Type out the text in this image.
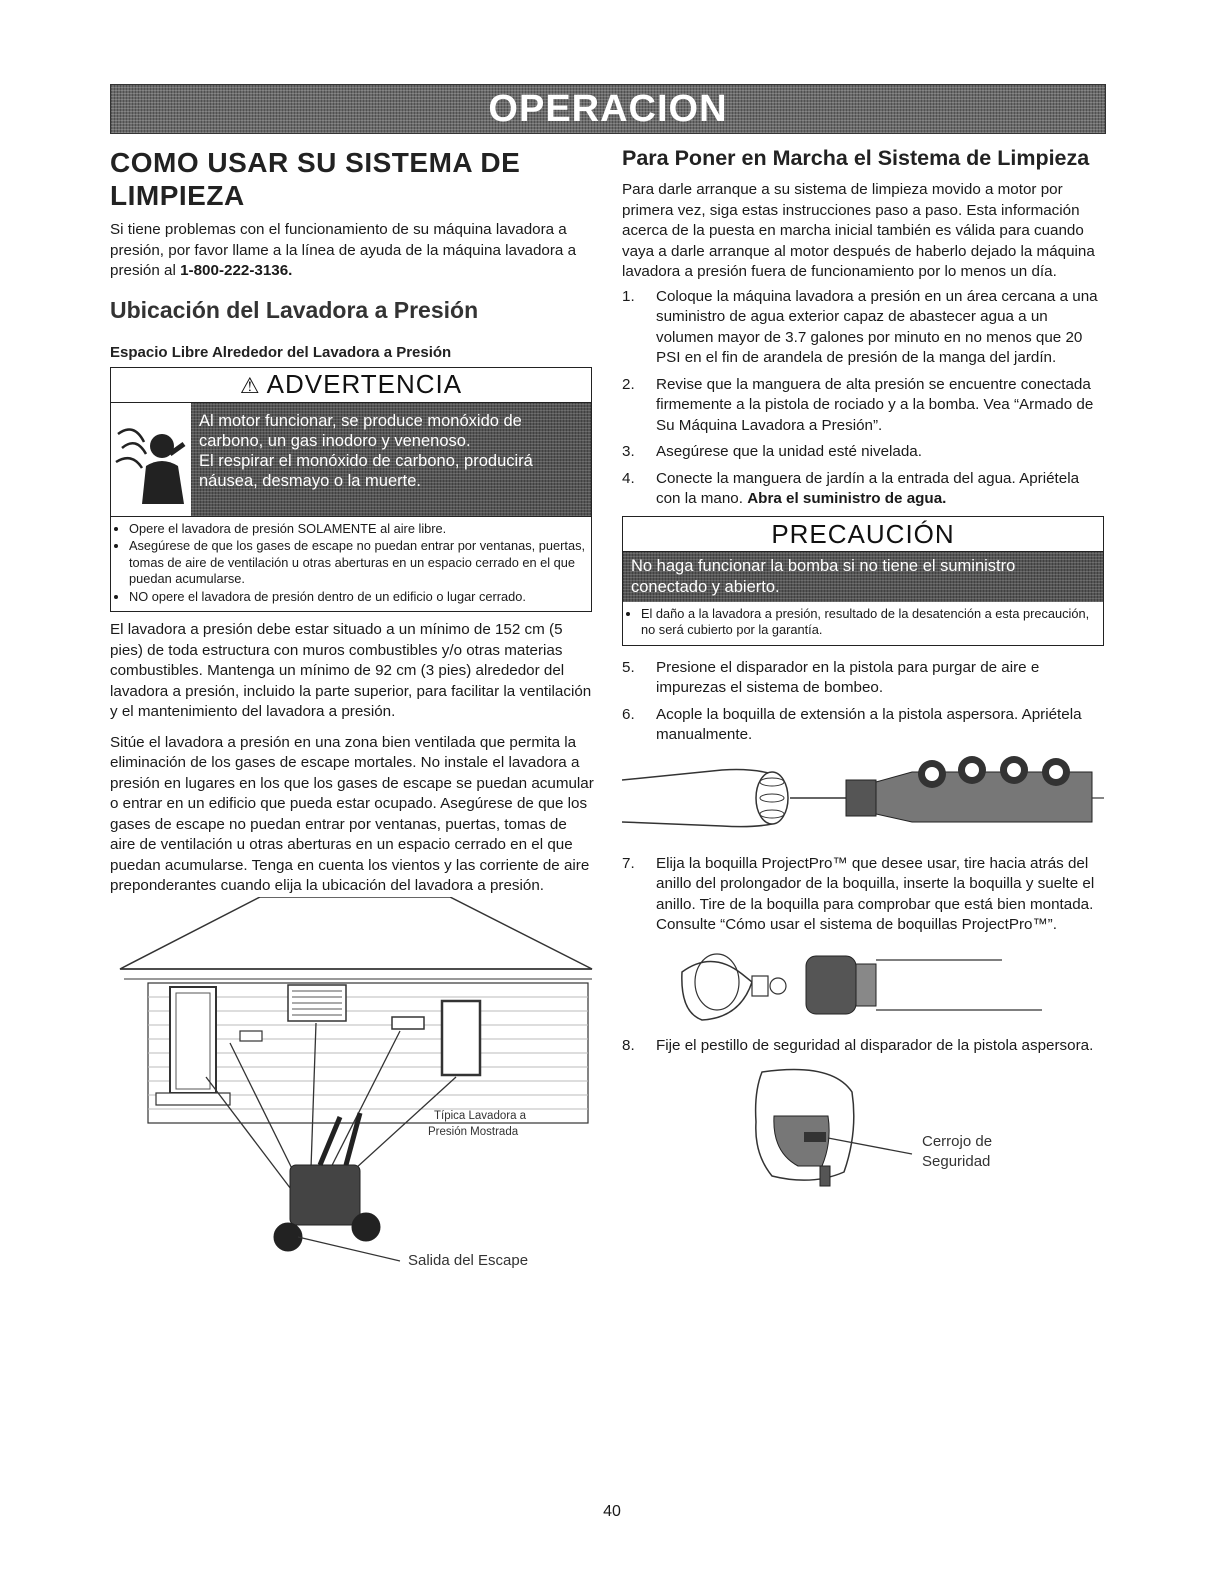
OPERACION
COMO USAR SU SISTEMA DE LIMPIEZA

Si tiene problemas con el funcionamiento de su máquina lavadora a presión, por favor llame a la línea de ayuda de la máquina lavadora a presión al 1-800-222-3136.

Ubicación del Lavadora a Presión
Espacio Libre Alrededor del Lavadora a Presión
⚠ ADVERTENCIA

Al motor funcionar, se produce monóxido de carbono, un gas inodoro y venenoso.

El respirar el monóxido de carbono, producirá náusea, desmayo o la muerte.

• Opere el lavadora de presión SOLAMENTE al aire libre.
• Asegúrese de que los gases de escape no puedan entrar por ventanas, puertas, tomas de aire de ventilación u otras aberturas en un espacio cerrado en el que puedan acumularse.
• NO opere el lavadora de presión dentro de un edificio o lugar cerrado.

El lavadora a presión debe estar situado a un mínimo de 152 cm (5 pies) de toda estructura con muros combustibles y/o otras materias combustibles. Mantenga un mínimo de 92 cm (3 pies) alrededor del lavadora a presión, incluido la parte superior, para facilitar la ventilación y el mantenimiento del lavadora a presión.

Sitúe el lavadora a presión en una zona bien ventilada que permita la eliminación de los gases de escape mortales. No instale el lavadora a presión en lugares en los que los gases de escape se puedan acumular o entrar en un edificio que pueda estar ocupado. Asegúrese de que los gases de escape no puedan entrar por ventanas, puertas, tomas de aire de ventilación u otras aberturas en un espacio cerrado en el que puedan acumularse. Tenga en cuenta los vientos y las corriente de aire preponderantes cuando elija la ubicación del lavadora a presión.

Típica Lavadora a
Presión Mostrada
Salida del Escape
Para Poner en Marcha el Sistema de Limpieza

Para darle arranque a su sistema de limpieza movido a motor por primera vez, siga estas instrucciones paso a paso. Esta información acerca de la puesta en marcha inicial también es válida para cuando vaya a darle arranque al motor después de haberlo dejado la máquina lavadora a presión fuera de funcionamiento por lo menos un día.

1.	Coloque la máquina lavadora a presión en un área cercana a una suministro de agua exterior capaz de abastecer agua a un volumen mayor de 3.7 galones por minuto en no menos que 20 PSI en el fin de arandela de presión de la manga del jardín.
2.	Revise que la manguera de alta presión se encuentre conectada firmemente a la pistola de rociado y a la bomba. Vea “Armado de Su Máquina Lavadora a Presión”.
3.	Asegúrese que la unidad esté nivelada.
4.	Conecte la manguera de jardín a la entrada del agua. Apriétela con la mano. Abra el suministro de agua.
PRECAUCIÓN
No haga funcionar la bomba si no tiene el suministro conectado y abierto.
• El daño a la lavadora a presión, resultado de la desatención a esta precaución, no será cubierto por la garantía.
5.	Presione el disparador en la pistola para purgar de aire e impurezas el sistema de bombeo.
6.	Acople la boquilla de extensión a la pistola aspersora. Apriétela manualmente.
7.	Elija la boquilla ProjectPro™ que desee usar, tire hacia atrás del anillo del prolongador de la boquilla, inserte la boquilla y suelte el anillo. Tire de la boquilla para comprobar que está bien montada. Consulte “Cómo usar el sistema de boquillas ProjectPro™”.
8.	Fije el pestillo de seguridad al disparador de la pistola aspersora.
Cerrojo de
Seguridad
40
